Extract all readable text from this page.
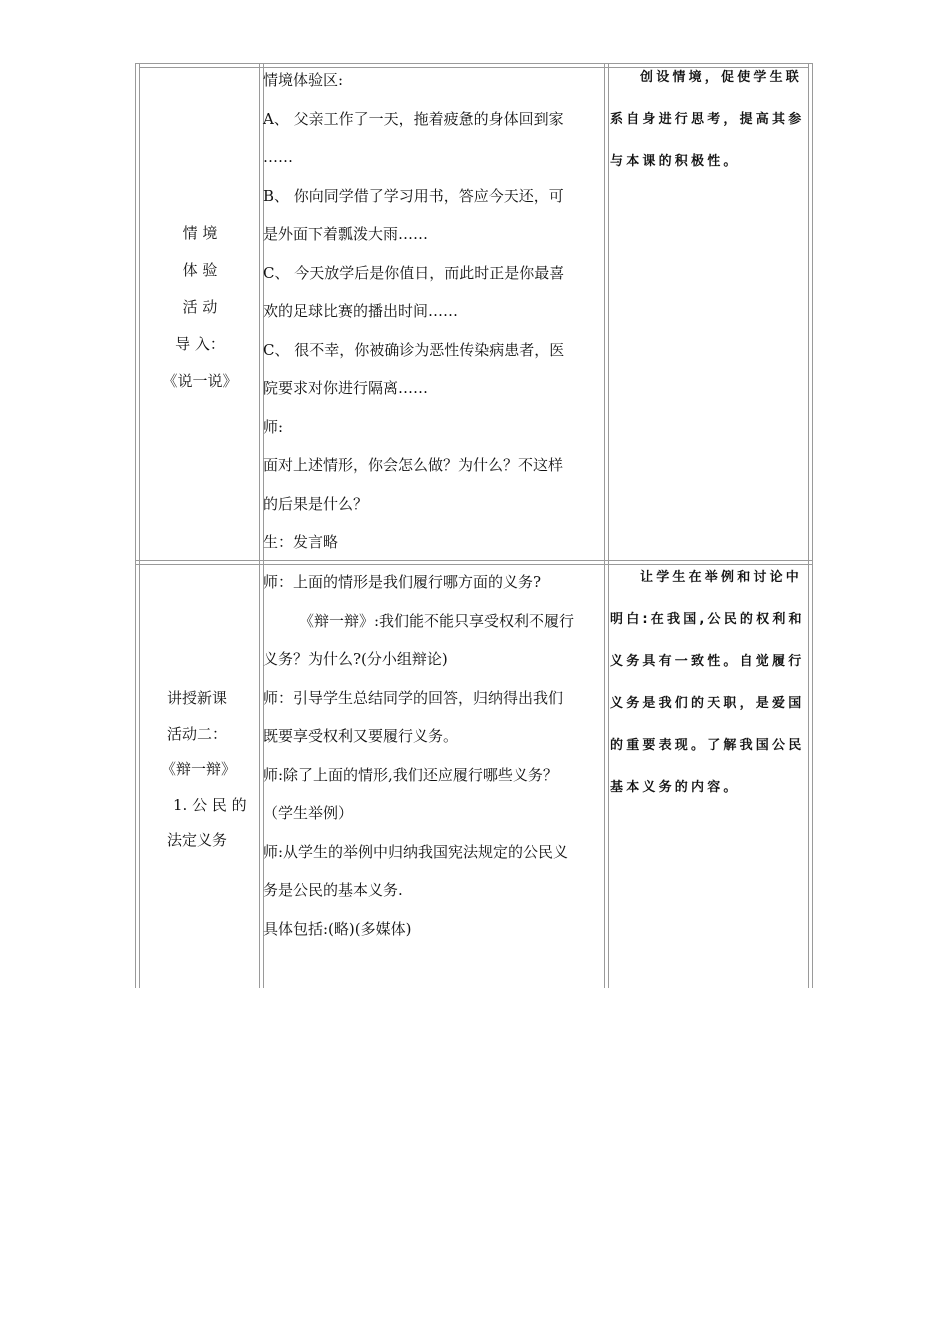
情 境
体 验
活 动
导 入：
《说一说》
情境体验区:
A、 父亲工作了一天，拖着疲惫的身体回到家
……
B、 你向同学借了学习用书，答应今天还，可
是外面下着瓢泼大雨……
C、 今天放学后是你值日，而此时正是你最喜
欢的足球比赛的播出时间……
C、 很不幸，你被确诊为恶性传染病患者，医
院要求对你进行隔离……
师:
面对上述情形，你会怎么做？为什么？不这样
的后果是什么？
生：发言略
创设情境，促使学生联
系自身进行思考，提高其参
与本课的积极性。
讲授新课
活动二：
《辩一辩》
1. 公 民 的
法定义务
师：上面的情形是我们履行哪方面的义务?
《辩一辩》:我们能不能只享受权利不履行
义务？为什么?(分小组辩论)
师：引导学生总结同学的回答，归纳得出我们
既要享受权利又要履行义务。
师:除了上面的情形,我们还应履行哪些义务？
（学生举例）
师:从学生的举例中归纳我国宪法规定的公民义
务是公民的基本义务.
具体包括:(略)(多媒体)
让学生在举例和讨论中
明白:在我国,公民的权利和
义务具有一致性。自觉履行
义务是我们的天职，是爱国
的重要表现。了解我国公民
基本义务的内容。
